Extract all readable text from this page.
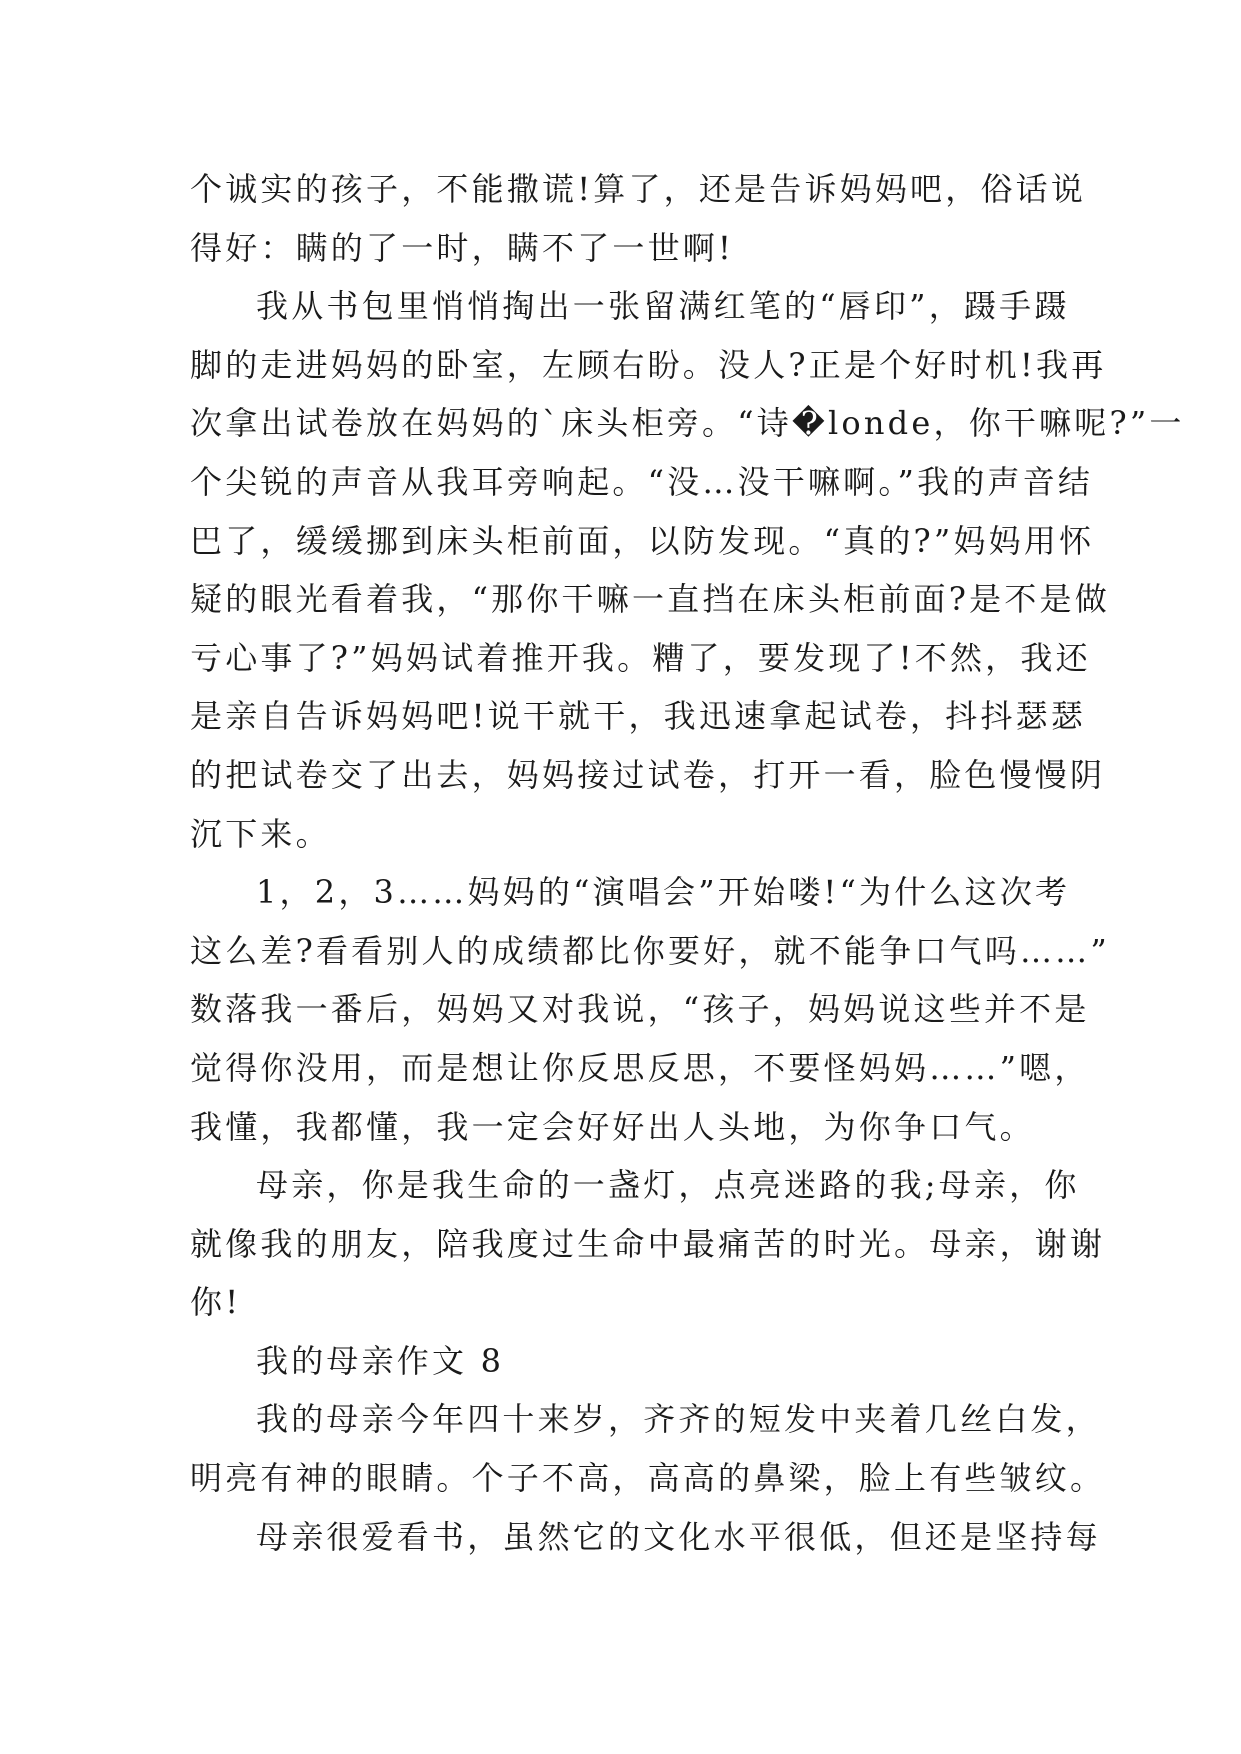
个诚实的孩子，不能撒谎!算了，还是告诉妈妈吧，俗话说
得好：瞒的了一时，瞒不了一世啊!
我从书包里悄悄掏出一张留满红笔的“唇印”，蹑手蹑
脚的走进妈妈的卧室，左顾右盼。没人?正是个好时机!我再
次拿出试卷放在妈妈的`床头柜旁。“诗�londe，你干嘛呢?”一
个尖锐的声音从我耳旁响起。“没…没干嘛啊。”我的声音结
巴了，缓缓挪到床头柜前面，以防发现。“真的?”妈妈用怀
疑的眼光看着我，“那你干嘛一直挡在床头柜前面?是不是做
亏心事了?”妈妈试着推开我。糟了，要发现了!不然，我还
是亲自告诉妈妈吧!说干就干，我迅速拿起试卷，抖抖瑟瑟
的把试卷交了出去，妈妈接过试卷，打开一看，脸色慢慢阴
沉下来。
1，2，3……妈妈的“演唱会”开始喽!“为什么这次考
这么差?看看别人的成绩都比你要好，就不能争口气吗……”
数落我一番后，妈妈又对我说，“孩子，妈妈说这些并不是
觉得你没用，而是想让你反思反思，不要怪妈妈……”嗯，
我懂，我都懂，我一定会好好出人头地，为你争口气。
母亲，你是我生命的一盏灯，点亮迷路的我;母亲，你
就像我的朋友，陪我度过生命中最痛苦的时光。母亲，谢谢
你!
我的母亲作文 8
我的母亲今年四十来岁，齐齐的短发中夹着几丝白发，
明亮有神的眼睛。个子不高，高高的鼻梁，脸上有些皱纹。
母亲很爱看书，虽然它的文化水平很低，但还是坚持每
